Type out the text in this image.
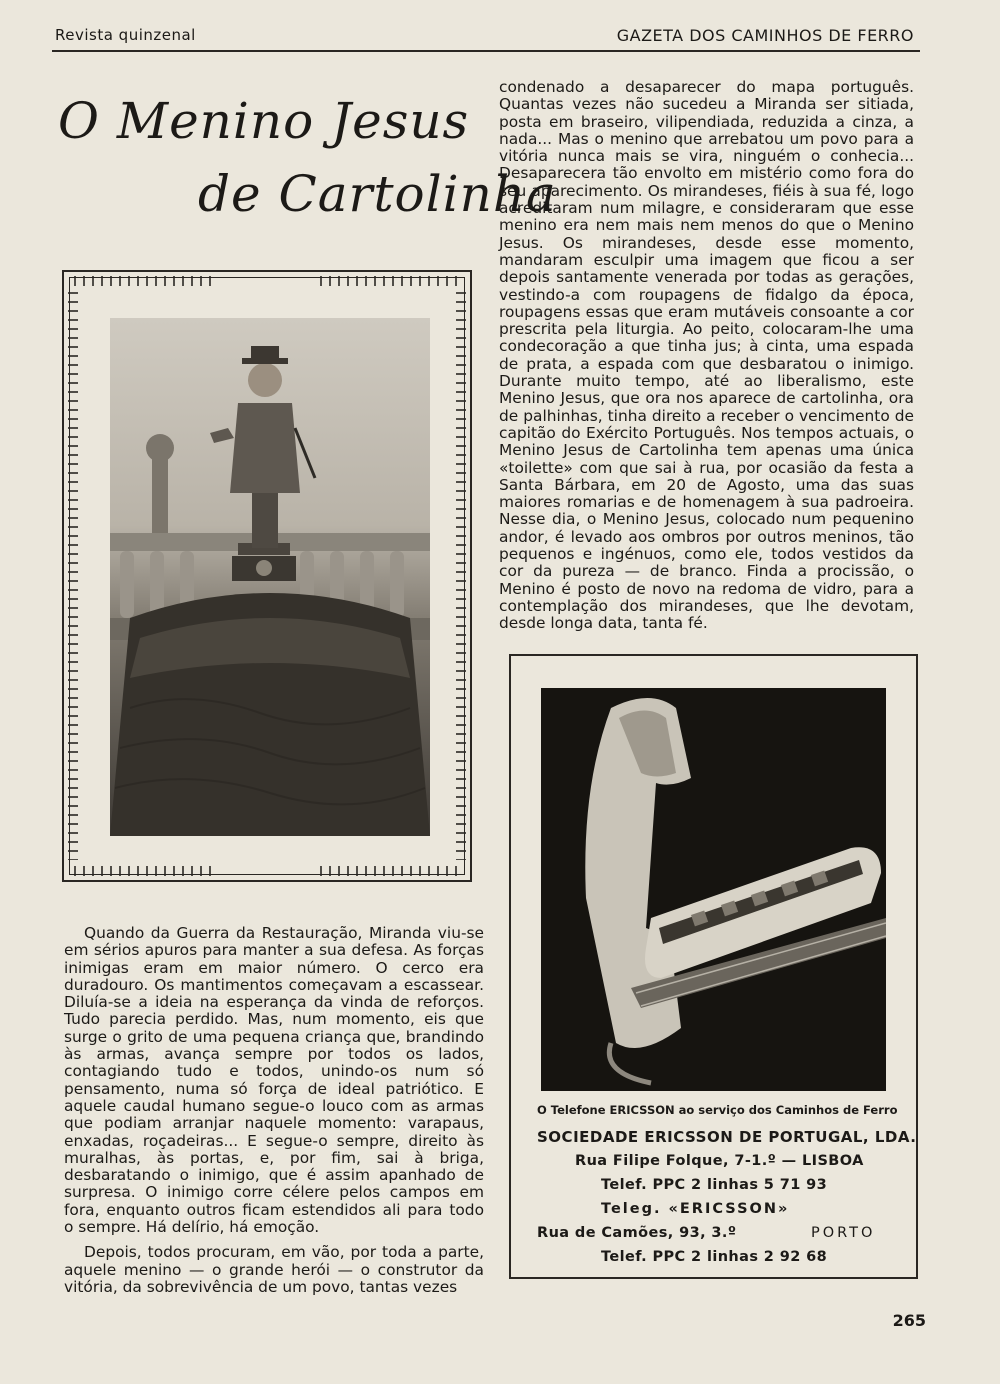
Revista quinzenal	GAZETA DOS CAMINHOS DE FERRO
O Menino Jesus
de Cartolinha

Quando da Guerra da Restauração, Miranda viu-se em sérios apuros para manter a sua defesa. As forças inimigas eram em maior número. O cerco era duradouro. Os mantimentos começavam a escassear. Diluía-se a ideia na esperança da vinda de reforços. Tudo parecia perdido. Mas, num momento, eis que surge o grito de uma pequena criança que, brandindo às armas, avança sempre por todos os lados, contagiando tudo e todos, unindo-os num só pensamento, numa só força de ideal patriótico. E aquele caudal humano segue-o louco com as armas que podiam arranjar naquele momento: varapaus, enxadas, roçadeiras... E segue-o sempre, direito às muralhas, às portas, e, por fim, sai à briga, desbaratando o inimigo, que é assim apanhado de surpresa. O inimigo corre célere pelos campos em fora, enquanto outros ficam estendidos ali para todo o sempre. Há delírio, há emoção.

Depois, todos procuram, em vão, por toda a parte, aquele menino — o grande herói — o construtor da vitória, da sobrevivência de um povo, tantas vezes

condenado a desaparecer do mapa português. Quantas vezes não sucedeu a Miranda ser sitiada, posta em braseiro, vilipendiada, reduzida a cinza, a nada... Mas o menino que arrebatou um povo para a vitória nunca mais se vira, ninguém o conhecia... Desaparecera tão envolto em mistério como fora do seu aparecimento. Os mirandeses, fiéis à sua fé, logo acreditaram num milagre, e consideraram que esse menino era nem mais nem menos do que o Menino Jesus. Os mirandeses, desde esse momento, mandaram esculpir uma imagem que ficou a ser depois santamente venerada por todas as gerações, vestindo-a com roupagens de fidalgo da época, roupagens essas que eram mutáveis consoante a cor prescrita pela liturgia. Ao peito, colocaram-lhe uma condecoração a que tinha jus; à cinta, uma espada de prata, a espada com que desbaratou o inimigo. Durante muito tempo, até ao liberalismo, este Menino Jesus, que ora nos aparece de cartolinha, ora de palhinhas, tinha direito a receber o vencimento de capitão do Exército Português. Nos tempos actuais, o Menino Jesus de Cartolinha tem apenas uma única «toilette» com que sai à rua, por ocasião da festa a Santa Bárbara, em 20 de Agosto, uma das suas maiores romarias e de homenagem à sua padroeira. Nesse dia, o Menino Jesus, colocado num pequenino andor, é levado aos ombros por outros meninos, tão pequenos e ingénuos, como ele, todos vestidos da cor da pureza — de branco. Finda a procissão, o Menino é posto de novo na redoma de vidro, para a contemplação dos mirandeses, que lhe devotam, desde longa data, tanta fé.

O Telefone ERICSSON ao serviço dos Caminhos de Ferro
SOCIEDADE ERICSSON DE PORTUGAL, LDA.
Rua Filipe Folque, 7-1.º — LISBOA
Telef. PPC 2 linhas 5 71 93
Teleg. «ERICSSON»
Rua de Camões, 93, 3.º	PORTO
Telef. PPC 2 linhas 2 92 68
265
